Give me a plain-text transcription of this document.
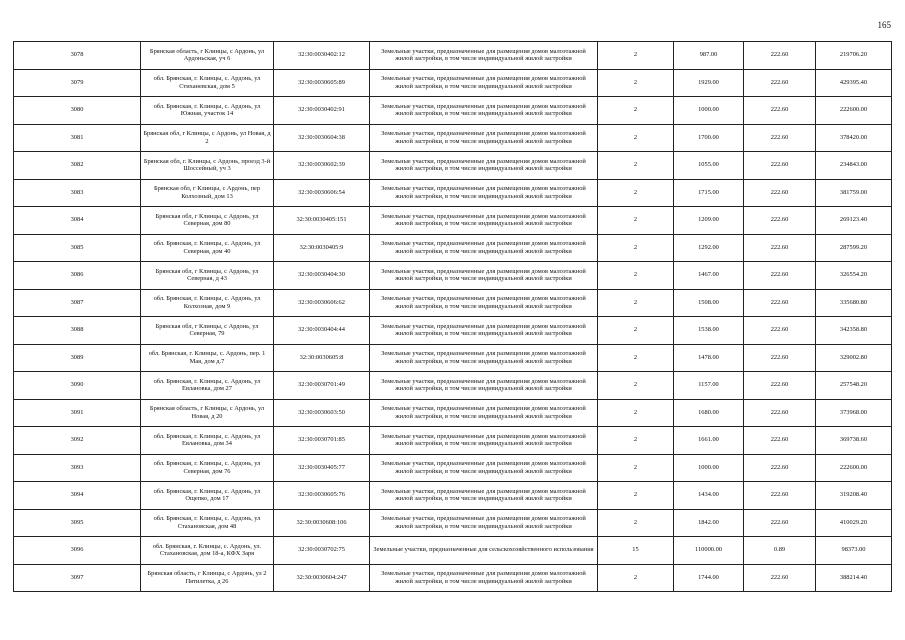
165
3078	Брянская область, г Клинцы, с Ардонь, ул Ардоньская, уч 6	32:30:0030402:12	Земельные участки, предназначенные для размещения домов малоэтажной жилой застройки, в том числе индивидуальной жилой застройки	2	987.00	222.60	219706.20
3079	обл. Брянская, г. Клинцы, с. Ардонь, ул Стиханевская, дом 5	32:30:0030605:89	Земельные участки, предназначенные для размещения домов малоэтажной жилой застройки, в том числе индивидуальной жилой застройки	2	1929.00	222.60	429395.40
3080	обл. Брянская, г. Клинцы, с. Ардонь, ул Южная, участок 14	32:30:0030402:91	Земельные участки, предназначенные для размещения домов малоэтажной жилой застройки, в том числе индивидуальной жилой застройки	2	1000.00	222.60	222600.00
3081	Брянская обл, г Клинцы, с Ардонь, ул Новая, д 2	32:30:0030604:38	Земельные участки, предназначенные для размещения домов малоэтажной жилой застройки, в том числе индивидуальной жилой застройки	2	1700.00	222.60	378420.00
3082	Брянская обл, г. Клинцы, с Ардонь, проезд 3-й Шоссейный, уч 3	32:30:0030602:39	Земельные участки, предназначенные для размещения домов малоэтажной жилой застройки, в том числе индивидуальной жилой застройки	2	1055.00	222.60	234843.00
3083	Брянская обл, г Клинцы, с Ардонь, пер Колхозный, дом 13	32:30:0030606:54	Земельные участки, предназначенные для размещения домов малоэтажной жилой застройки, в том числе индивидуальной жилой застройки	2	1715.00	222.60	381759.00
3084	Брянская обл, г Клинцы, с Ардонь, ул Северная, дом 80	32:30:0030405:151	Земельные участки, предназначенные для размещения домов малоэтажной жилой застройки, в том числе индивидуальной жилой застройки	2	1209.00	222.60	269123.40
3085	обл. Брянская, г. Клинцы, с. Ардонь, ул Северная, дом 40	32:30:0030405:9	Земельные участки, предназначенные для размещения домов малоэтажной жилой застройки, в том числе индивидуальной жилой застройки	2	1292.00	222.60	287599.20
3086	Брянская обл, г Клинцы, с Ардонь, ул Северная, д 43	32:30:0030404:30	Земельные участки, предназначенные для размещения домов малоэтажной жилой застройки, в том числе индивидуальной жилой застройки	2	1467.00	222.60	326554.20
3087	обл. Брянская, г. Клинцы, с. Ардонь, ул Колхозная, дом 9	32:30:0030606:62	Земельные участки, предназначенные для размещения домов малоэтажной жилой застройки, в том числе индивидуальной жилой застройки	2	1508.00	222.60	335680.80
3088	Брянская обл, г Клинцы, с Ардонь, ул Северная, 79	32:30:0030404:44	Земельные участки, предназначенные для размещения домов малоэтажной жилой застройки, в том числе индивидуальной жилой застройки	2	1538.00	222.60	342358.80
3089	обл. Брянская, г. Клинцы, с. Ардонь, пер. 1 Мая, дом д.7	32:30:0030605:8	Земельные участки, предназначенные для размещения домов малоэтажной жилой застройки, в том числе индивидуальной жилой застройки	2	1478.00	222.60	329002.80
3090	обл. Брянская, г. Клинцы, с. Ардонь, ул Евлановка, дом 27	32:30:0030701:49	Земельные участки, предназначенные для размещения домов малоэтажной жилой застройки, в том числе индивидуальной жилой застройки	2	1157.00	222.60	257548.20
3091	Брянская область, г Клинцы, с Ардонь, ул Новая, д 20	32:30:0030603:50	Земельные участки, предназначенные для размещения домов малоэтажной жилой застройки, в том числе индивидуальной жилой застройки	2	1680.00	222.60	373968.00
3092	обл. Брянская, г. Клинцы, с. Ардонь, ул Евлановка, дом 34	32:30:0030701:85	Земельные участки, предназначенные для размещения домов малоэтажной жилой застройки, в том числе индивидуальной жилой застройки	2	1661.00	222.60	369738.60
3093	обл. Брянская, г. Клинцы, с. Ардонь, ул Северная, дом 76	32:30:0030405:77	Земельные участки, предназначенные для размещения домов малоэтажной жилой застройки, в том числе индивидуальной жилой застройки	2	1000.00	222.60	222600.00
3094	обл. Брянская, г. Клинцы, с. Ардонь, ул Ощепко, дом 17	32:30:0030605:76	Земельные участки, предназначенные для размещения домов малоэтажной жилой застройки, в том числе индивидуальной жилой застройки	2	1434.00	222.60	319208.40
3095	обл. Брянская, г. Клинцы, с. Ардонь, ул Стахановская, дом 48	32:30:0030608:106	Земельные участки, предназначенные для размещения домов малоэтажной жилой застройки, в том числе индивидуальной жилой застройки	2	1842.00	222.60	410029.20
3096	обл. Брянская, г. Клинцы, с. Ардонь, ул. Стахановская, дом 18-а, КФХ Заря	32:30:0030702:75	Земельные участки, предназначенные для сельскохозяйственного использования	15	110000.00	0.89	98373.00
3097	Брянская область, г Клинцы, с Ардонь, ул 2 Пятилетка, д 26	32:30:0030604:247	Земельные участки, предназначенные для размещения домов малоэтажной жилой застройки, в том числе индивидуальной жилой застройки	2	1744.00	222.60	388214.40
